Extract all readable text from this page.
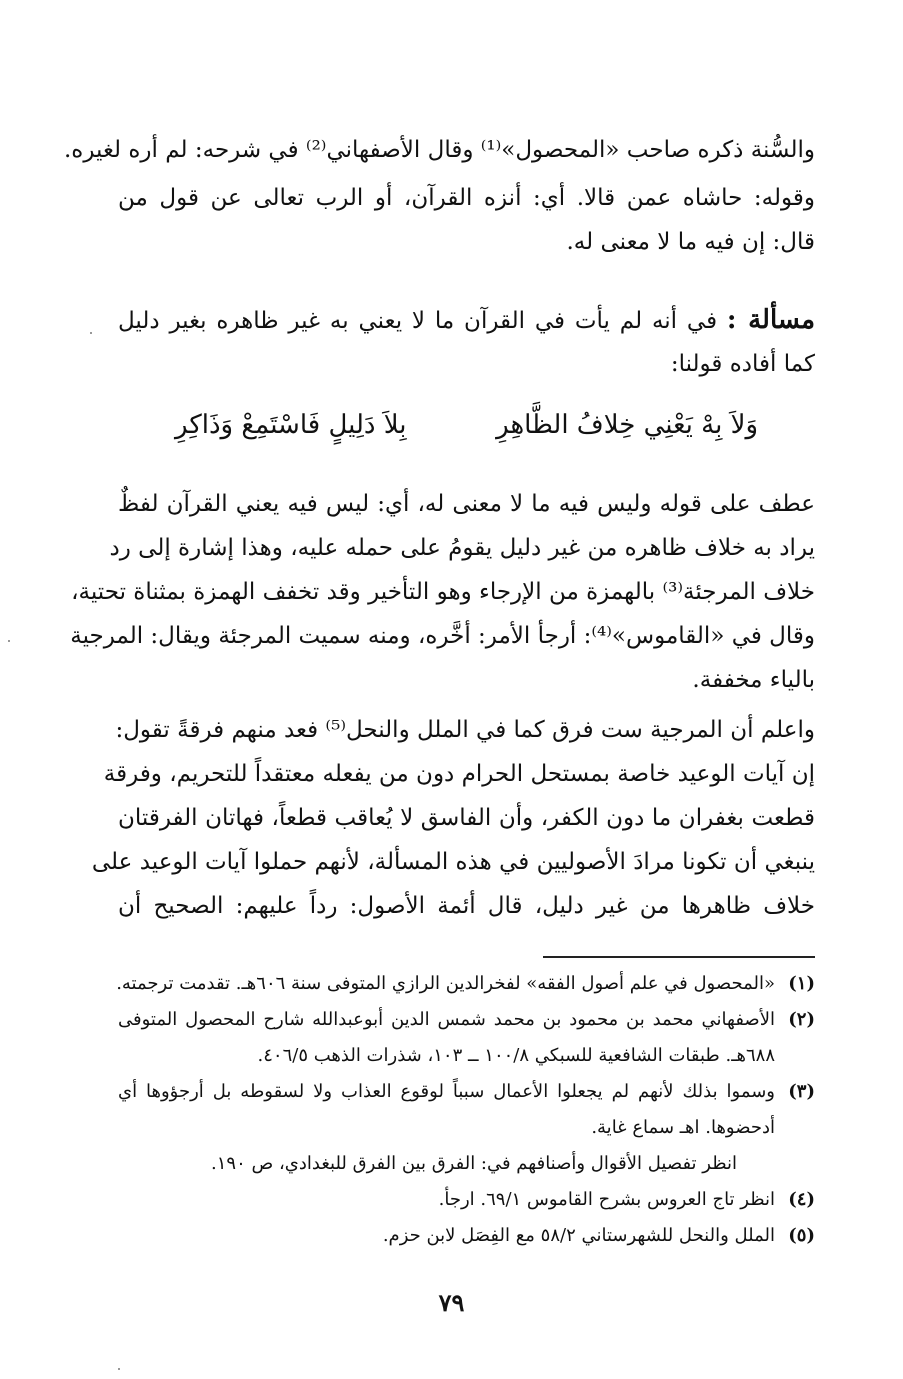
والسُّنة ذكره صاحب «المحصول»⁽¹⁾ وقال الأصفهاني⁽²⁾ في شرحه: لم أره لغيره.
وقوله: حاشاه عمن قالا. أي: أنزه القرآن، أو الرب تعالى عن قول من
قال: إن فيه ما لا معنى له.
مسألة : في أنه لم يأت في القرآن ما لا يعني به غير ظاهره بغير دليل
كما أفاده قولنا:
وَلاَ بِهْ يَعْنِي خِلافُ الظَّاهِرِ
بِلاَ دَلِيلٍ فَاسْتَمِعْ وَذَاكِرِ
عطف على قوله وليس فيه ما لا معنى له، أي: ليس فيه يعني القرآن لفظٌ
يراد به خلاف ظاهره من غير دليل يقومُ على حمله عليه، وهذا إشارة إلى رد
خلاف المرجئة⁽³⁾ بالهمزة من الإرجاء وهو التأخير وقد تخفف الهمزة بمثناة تحتية،
وقال في «القاموس»⁽⁴⁾: أرجأ الأمر: أخَّره، ومنه سميت المرجئة ويقال: المرجية
بالياء مخففة.
واعلم أن المرجية ست فرق كما في الملل والنحل⁽⁵⁾ فعد منهم فرقةً تقول:
إن آيات الوعيد خاصة بمستحل الحرام دون من يفعله معتقداً للتحريم، وفرقة
قطعت بغفران ما دون الكفر، وأن الفاسق لا يُعاقب قطعاً، فهاتان الفرقتان
ينبغي أن تكونا مرادَ الأصوليين في هذه المسألة، لأنهم حملوا آيات الوعيد على
خلاف ظاهرها من غير دليل، قال أئمة الأصول: رداً عليهم: الصحيح أن
(١)
«المحصول في علم أصول الفقه» لفخرالدين الرازي المتوفى سنة ٦٠٦هـ. تقدمت ترجمته.
(٢)
الأصفهاني محمد بن محمود بن محمد شمس الدين أبوعبدالله شارح المحصول المتوفى
٦٨٨هـ. طبقات الشافعية للسبكي ١٠٠/٨ ــ ١٠٣، شذرات الذهب ٤٠٦/٥.
(٣)
وسموا بذلك لأنهم لم يجعلوا الأعمال سبباً لوقوع العذاب ولا لسقوطه بل أرجؤوها أي
أدحضوها. اهـ سماع غاية.
انظر تفصيل الأقوال وأصنافهم في: الفرق بين الفرق للبغدادي، ص ١٩٠.
(٤)
انظر تاج العروس بشرح القاموس ٦٩/١. ارجأ.
(٥)
الملل والنحل للشهرستاني ٥٨/٢ مع الفِصَل لابن حزم.
٧٩
